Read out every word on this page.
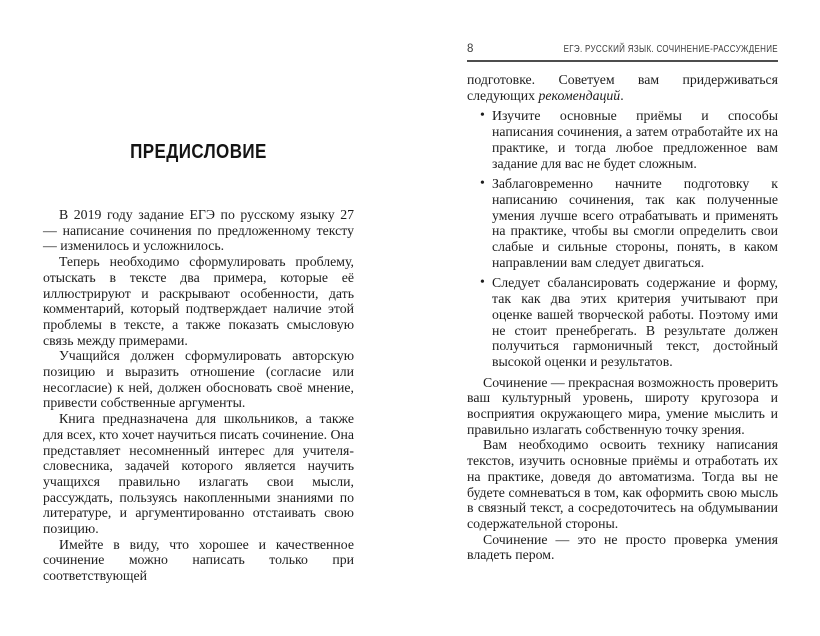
ПРЕДИСЛОВИЕ

В 2019 году задание ЕГЭ по русскому языку 27 — написание сочинения по предложенному тексту — изменилось и усложнилось.

Теперь необходимо сформулировать проблему, отыскать в тексте два примера, которые её иллюстрируют и раскрывают особенности, дать комментарий, который подтверждает наличие этой проблемы в тексте, а также показать смысловую связь между примерами.

Учащийся должен сформулировать авторскую позицию и выразить отношение (согласие или несогласие) к ней, должен обосновать своё мнение, привести собственные аргументы.

Книга предназначена для школьников, а также для всех, кто хочет научиться писать сочинение. Она представляет несомненный интерес для учителя-словесника, задачей которого является научить учащихся правильно излагать свои мысли, рассуждать, пользуясь накопленными знаниями по литературе, и аргументированно отстаивать свою позицию.

Имейте в виду, что хорошее и качественное сочинение можно написать только при соответствующей

8	ЕГЭ. РУССКИЙ ЯЗЫК. СОЧИНЕНИЕ-РАССУЖДЕНИЕ

подготовке. Советуем вам придерживаться следующих рекомендаций.

• Изучите основные приёмы и способы написания сочинения, а затем отработайте их на практике, и тогда любое предложенное вам задание для вас не будет сложным.
• Заблаговременно начните подготовку к написанию сочинения, так как полученные умения лучше всего отрабатывать и применять на практике, чтобы вы смогли определить свои слабые и сильные стороны, понять, в каком направлении вам следует двигаться.
• Следует сбалансировать содержание и форму, так как два этих критерия учитывают при оценке вашей творческой работы. Поэтому ими не стоит пренебрегать. В результате должен получиться гармоничный текст, достойный высокой оценки и результатов.

Сочинение — прекрасная возможность проверить ваш культурный уровень, широту кругозора и восприятия окружающего мира, умение мыслить и правильно излагать собственную точку зрения.

Вам необходимо освоить технику написания текстов, изучить основные приёмы и отработать их на практике, доведя до автоматизма. Тогда вы не будете сомневаться в том, как оформить свою мысль в связный текст, а сосредоточитесь на обдумывании содержательной стороны.

Сочинение — это не просто проверка умения владеть пером.
